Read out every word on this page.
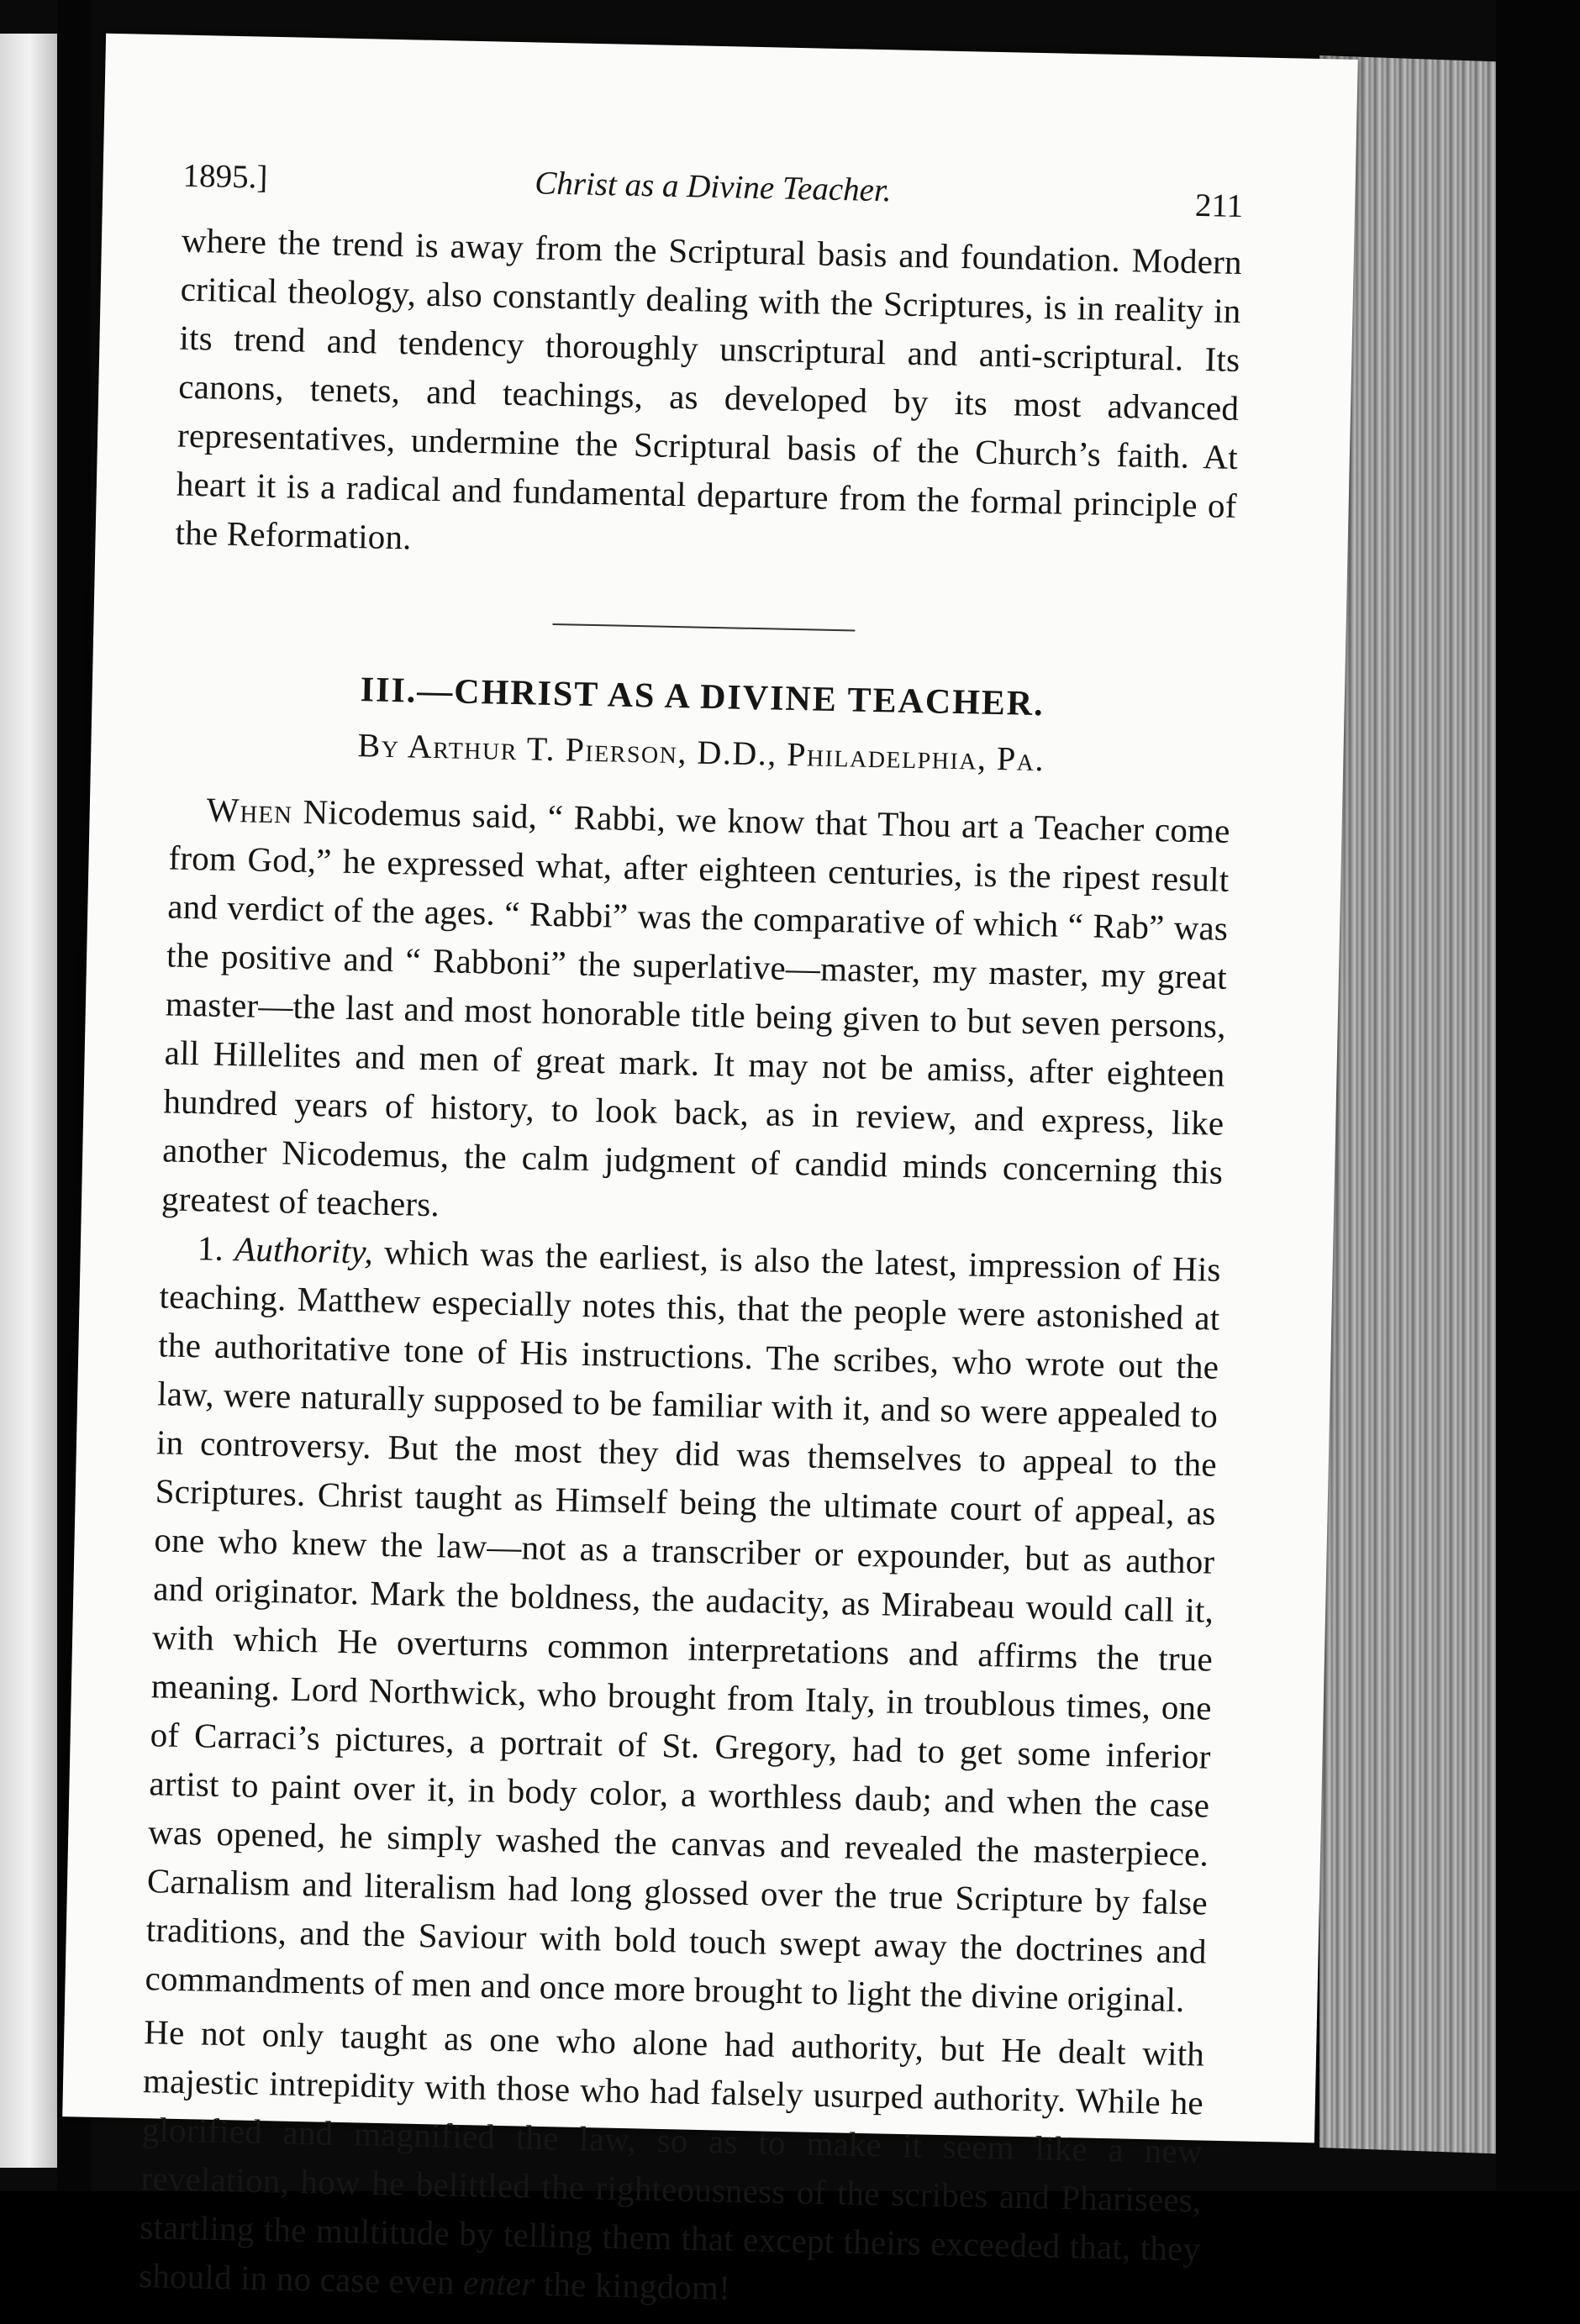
1895.]	Christ as a Divine Teacher.	211

where the trend is away from the Scriptural basis and foundation. Modern critical theology, also constantly dealing with the Scriptures, is in reality in its trend and tendency thoroughly unscriptural and anti-scriptural. Its canons, tenets, and teachings, as developed by its most advanced representatives, undermine the Scriptural basis of the Church’s faith. At heart it is a radical and fundamental departure from the formal principle of the Reformation.

III.—CHRIST AS A DIVINE TEACHER.
By Arthur T. Pierson, D.D., Philadelphia, Pa.

When Nicodemus said, “ Rabbi, we know that Thou art a Teacher come from God,” he expressed what, after eighteen centuries, is the ripest result and verdict of the ages. “ Rabbi” was the comparative of which “ Rab” was the positive and “ Rabboni” the superlative—master, my master, my great master—the last and most honorable title being given to but seven persons, all Hillelites and men of great mark. It may not be amiss, after eighteen hundred years of history, to look back, as in review, and express, like another Nicodemus, the calm judgment of candid minds concerning this greatest of teachers.

1. Authority, which was the earliest, is also the latest, impression of His teaching. Matthew especially notes this, that the people were astonished at the authoritative tone of His instructions. The scribes, who wrote out the law, were naturally supposed to be familiar with it, and so were appealed to in controversy. But the most they did was themselves to appeal to the Scriptures. Christ taught as Himself being the ultimate court of appeal, as one who knew the law—not as a transcriber or expounder, but as author and originator. Mark the boldness, the audacity, as Mirabeau would call it, with which He overturns common interpretations and affirms the true meaning. Lord Northwick, who brought from Italy, in troublous times, one of Carraci’s pictures, a portrait of St. Gregory, had to get some inferior artist to paint over it, in body color, a worthless daub; and when the case was opened, he simply washed the canvas and revealed the masterpiece. Carnalism and literalism had long glossed over the true Scripture by false traditions, and the Saviour with bold touch swept away the doctrines and commandments of men and once more brought to light the divine original.

He not only taught as one who alone had authority, but He dealt with majestic intrepidity with those who had falsely usurped authority. While he glorified and magnified the law, so as to make it seem like a new revelation, how he belittled the righteousness of the scribes and Pharisees, startling the multitude by telling them that except theirs exceeded that, they should in no case even enter the kingdom!
